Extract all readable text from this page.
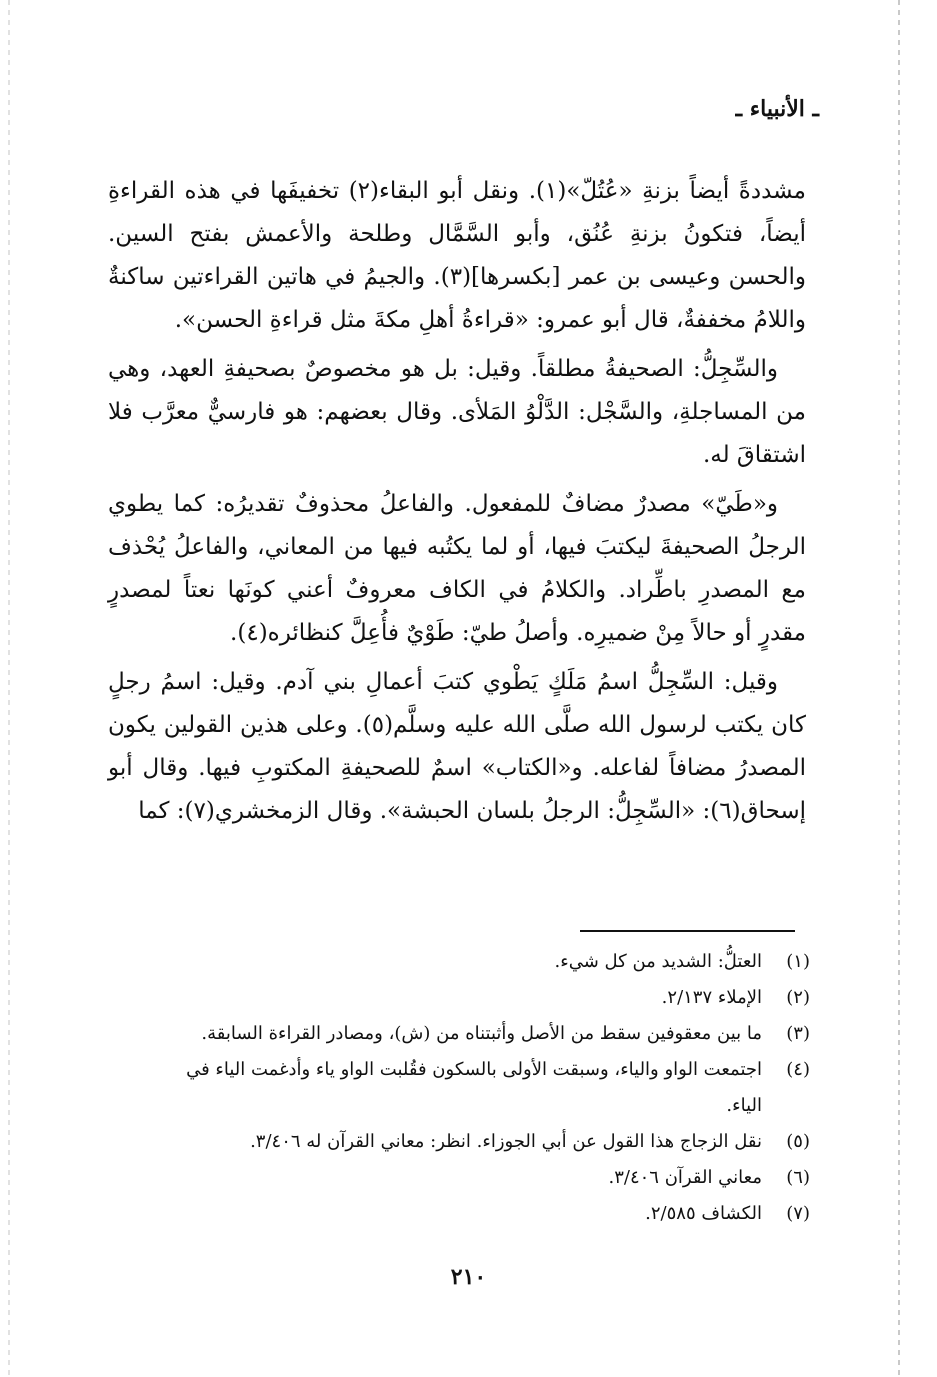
ـ الأنبياء ـ

مشددةً أيضاً بزنةِ «عُتُلّ»(١). ونقل أبو البقاء(٢) تخفيفَها في هذه القراءةِ أيضاً، فتكونُ بزنةِ عُنُق، وأبو السَّمَّال وطلحة والأعمش بفتح السين. والحسن وعيسى بن عمر [بكسرها](٣). والجيمُ في هاتين القراءتين ساكنةٌ واللامُ مخففةٌ، قال أبو عمرو: «قراءةُ أهلِ مكةَ مثل قراءةِ الحسن».

والسِّجِلُّ: الصحيفةُ مطلقاً. وقيل: بل هو مخصوصٌ بصحيفةِ العهد، وهي من المساجلةِ، والسَّجْل: الدَّلْوُ المَلأى. وقال بعضهم: هو فارسيٌّ معرَّب فلا اشتقاقَ له.

و«طَيّ» مصدرٌ مضافٌ للمفعول. والفاعلُ محذوفٌ تقديرُه: كما يطوي الرجلُ الصحيفةَ ليكتبَ فيها، أو لما يكتُبه فيها من المعاني، والفاعلُ يُحْذف مع المصدرِ باطِّراد. والكلامُ في الكاف معروفٌ أعني كونَها نعتاً لمصدرٍ مقدرٍ أو حالاً مِنْ ضميرِه. وأصلُ طيّ: طَوْيٌ فأُعِلَّ كنظائره(٤).

وقيل: السِّجِلُّ اسمُ مَلَكٍ يَطْوي كتبَ أعمالِ بني آدم. وقيل: اسمُ رجلٍ كان يكتب لرسول الله صلَّى الله عليه وسلَّم(٥). وعلى هذين القولين يكون المصدرُ مضافاً لفاعله. و«الكتاب» اسمٌ للصحيفةِ المكتوبِ فيها. وقال أبو إسحاق(٦): «السِّجِلُّ: الرجلُ بلسان الحبشة». وقال الزمخشري(٧): كما

(١)
العتلُّ: الشديد من كل شيء.
(٢)
الإملاء ٢/١٣٧.
(٣)
ما بين معقوفين سقط من الأصل وأثبتناه من (ش)، ومصادر القراءة السابقة.
(٤)
اجتمعت الواو والياء، وسبقت الأولى بالسكون فقُلبت الواو ياء وأدغمت الياء في الياء.
(٥)
نقل الزجاج هذا القول عن أبي الجوزاء. انظر: معاني القرآن له ٣/٤٠٦.
(٦)
معاني القرآن ٣/٤٠٦.
(٧)
الكشاف ٢/٥٨٥.
٢١٠
